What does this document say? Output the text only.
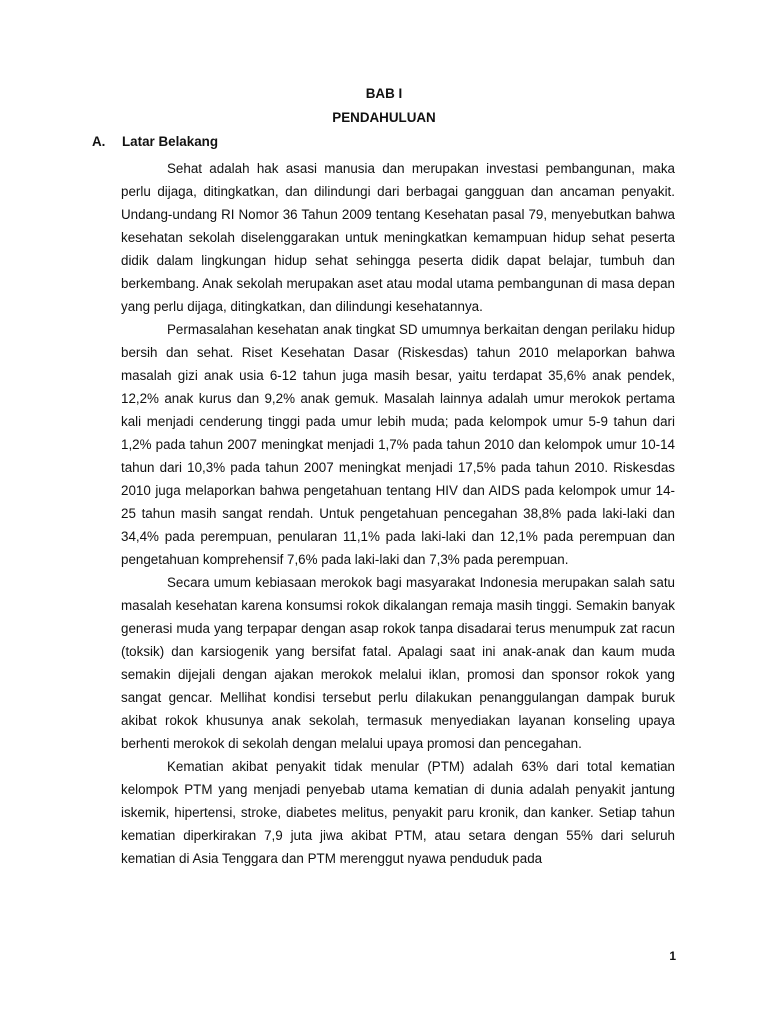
BAB I
PENDAHULUAN
A.	Latar Belakang

Sehat adalah hak asasi manusia dan merupakan investasi pembangunan, maka perlu dijaga, ditingkatkan, dan dilindungi dari berbagai gangguan dan ancaman penyakit. Undang-undang RI Nomor 36 Tahun 2009 tentang Kesehatan pasal 79, menyebutkan bahwa kesehatan sekolah diselenggarakan untuk meningkatkan kemampuan hidup sehat peserta didik dalam lingkungan hidup sehat sehingga peserta didik dapat belajar, tumbuh dan berkembang. Anak sekolah merupakan aset atau modal utama pembangunan di masa depan yang perlu dijaga, ditingkatkan, dan dilindungi kesehatannya.

Permasalahan kesehatan anak tingkat SD umumnya berkaitan dengan perilaku hidup bersih dan sehat. Riset Kesehatan Dasar (Riskesdas) tahun 2010 melaporkan bahwa masalah gizi anak usia 6-12 tahun juga masih besar, yaitu terdapat 35,6% anak pendek, 12,2% anak kurus dan 9,2% anak gemuk. Masalah lainnya adalah umur merokok pertama kali menjadi cenderung tinggi pada umur lebih muda; pada kelompok umur 5-9 tahun dari 1,2% pada tahun 2007 meningkat menjadi 1,7% pada tahun 2010 dan kelompok umur 10-14 tahun dari 10,3% pada tahun 2007 meningkat menjadi 17,5% pada tahun 2010. Riskesdas 2010 juga melaporkan bahwa pengetahuan tentang HIV dan AIDS pada kelompok umur 14-25 tahun masih sangat rendah. Untuk pengetahuan pencegahan 38,8% pada laki-laki dan 34,4% pada perempuan, penularan 11,1% pada laki-laki dan 12,1% pada perempuan dan pengetahuan komprehensif 7,6% pada laki-laki dan 7,3% pada perempuan.

Secara umum kebiasaan merokok bagi masyarakat Indonesia merupakan salah satu masalah kesehatan karena konsumsi rokok dikalangan remaja masih tinggi. Semakin banyak generasi muda yang terpapar dengan asap rokok tanpa disadarai terus menumpuk zat racun (toksik) dan karsiogenik yang bersifat fatal. Apalagi saat ini anak-anak dan kaum muda semakin dijejali dengan ajakan merokok melalui iklan, promosi dan sponsor rokok yang sangat gencar. Mellihat kondisi tersebut perlu dilakukan penanggulangan dampak buruk akibat rokok khusunya anak sekolah, termasuk menyediakan layanan konseling upaya berhenti merokok di sekolah dengan melalui upaya promosi dan pencegahan.

Kematian akibat penyakit tidak menular (PTM) adalah 63% dari total kematian kelompok PTM yang menjadi penyebab utama kematian di dunia adalah penyakit jantung iskemik, hipertensi, stroke, diabetes melitus, penyakit paru kronik, dan kanker. Setiap tahun kematian diperkirakan 7,9 juta jiwa akibat PTM, atau setara dengan 55% dari seluruh kematian di Asia Tenggara dan PTM merenggut nyawa penduduk pada

1
